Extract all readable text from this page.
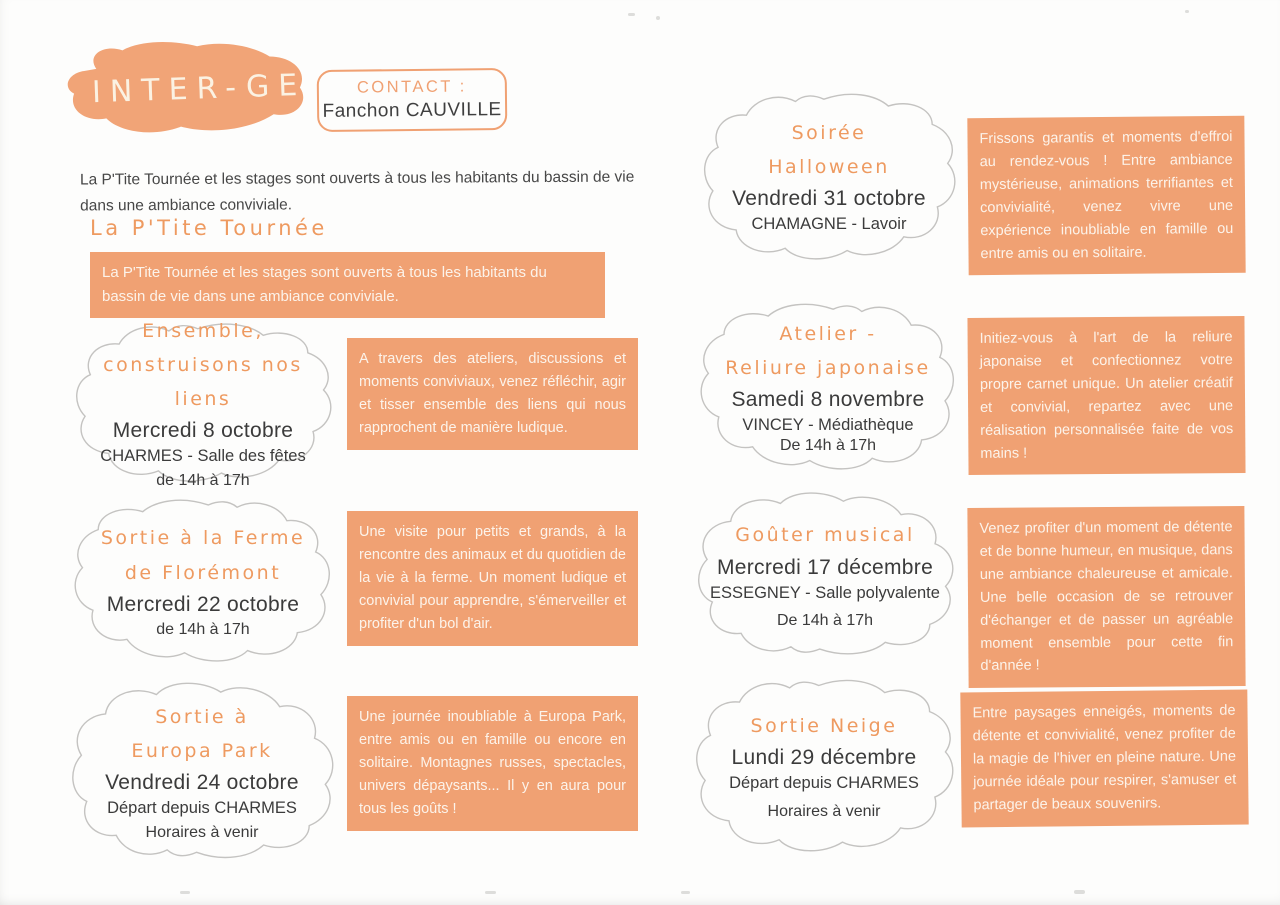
INTER-GE	CONTACT :
Fanchon CAUVILLE

La P'Tite Tournée et les stages sont ouverts à tous les habitants du bassin de vie dans une ambiance conviviale.

La P'Tite Tournée
La P'Tite Tournée et les stages sont ouverts à tous les habitants du bassin de vie dans une ambiance conviviale.
Ensemble,
construisons nos liens
Mercredi 8 octobre
CHARMES - Salle des fêtes
de 14h à 17h
A travers des ateliers, discussions et moments conviviaux, venez réfléchir, agir et tisser ensemble des liens qui nous rapprochent de manière ludique.
Sortie à la Ferme
de Florémont
Mercredi 22 octobre
de 14h à 17h
Une visite pour petits et grands, à la rencontre des animaux et du quotidien de la vie à la ferme. Un moment ludique et convivial pour apprendre, s'émerveiller et profiter d'un bol d'air.
Sortie à
Europa Park
Vendredi 24 octobre
Départ depuis CHARMES
Horaires à venir
Une journée inoubliable à Europa Park, entre amis ou en famille ou encore en solitaire. Montagnes russes, spectacles, univers dépaysants... Il y en aura pour tous les goûts !
Soirée
Halloween
Vendredi 31 octobre
CHAMAGNE - Lavoir
Frissons garantis et moments d'effroi au rendez-vous ! Entre ambiance mystérieuse, animations terrifiantes et convivialité, venez vivre une expérience inoubliable en famille ou entre amis ou en solitaire.
Atelier -
Reliure japonaise
Samedi 8 novembre
VINCEY - Médiathèque
De 14h à 17h
Initiez-vous à l'art de la reliure japonaise et confectionnez votre propre carnet unique. Un atelier créatif et convivial, repartez avec une réalisation personnalisée faite de vos mains !
Goûter musical
Mercredi 17 décembre
ESSEGNEY - Salle polyvalente
De 14h à 17h
Venez profiter d'un moment de détente et de bonne humeur, en musique, dans une ambiance chaleureuse et amicale. Une belle occasion de se retrouver d'échanger et de passer un agréable moment ensemble pour cette fin d'année !
Sortie Neige
Lundi 29 décembre
Départ depuis CHARMES
Horaires à venir
Entre paysages enneigés, moments de détente et convivialité, venez profiter de la magie de l'hiver en pleine nature. Une journée idéale pour respirer, s'amuser et partager de beaux souvenirs.
